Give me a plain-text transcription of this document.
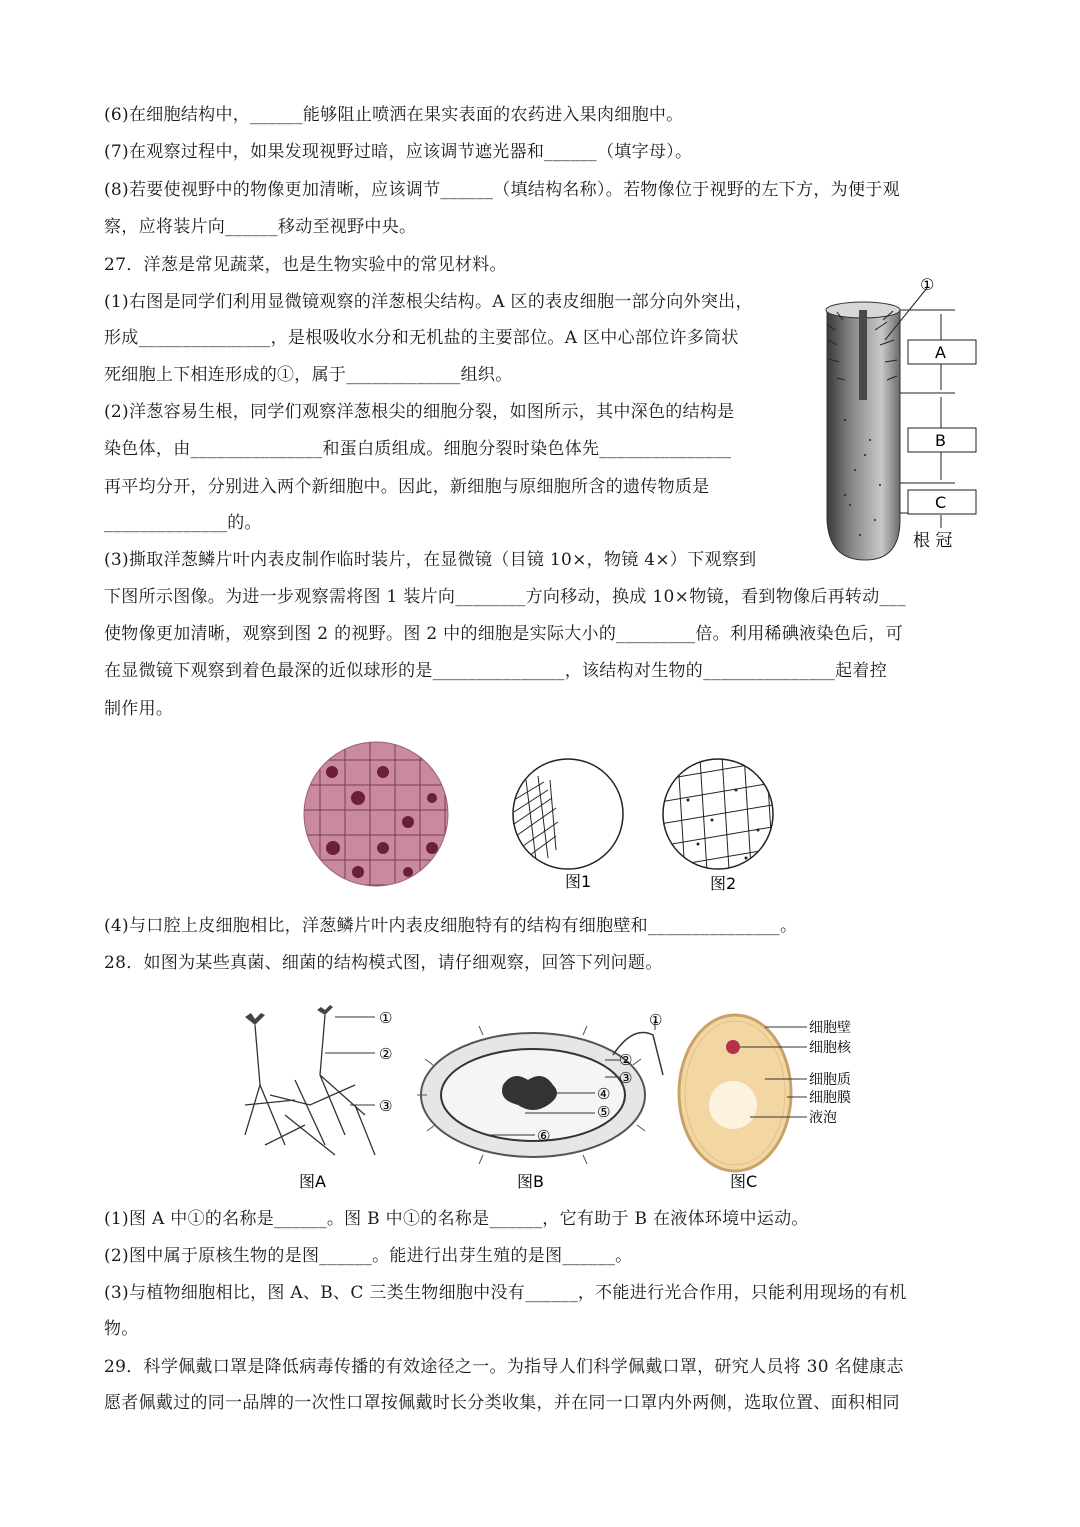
(6)在细胞结构中，______能够阻止喷洒在果实表面的农药进入果肉细胞中。
(7)在观察过程中，如果发现视野过暗，应该调节遮光器和______（填字母）。
(8)若要使视野中的物像更加清晰，应该调节______（填结构名称）。若物像位于视野的左下方，为便于观
察，应将装片向______移动至视野中央。
27．洋葱是常见蔬菜，也是生物实验中的常见材料。
(1)右图是同学们利用显微镜观察的洋葱根尖结构。A 区的表皮细胞一部分向外突出，
形成_______________，是根吸收水分和无机盐的主要部位。A 区中心部位许多筒状
死细胞上下相连形成的①，属于_____________组织。
(2)洋葱容易生根，同学们观察洋葱根尖的细胞分裂，如图所示，其中深色的结构是
染色体，由_______________和蛋白质组成。细胞分裂时染色体先_______________
再平均分开，分别进入两个新细胞中。因此，新细胞与原细胞所含的遗传物质是
______________的。
(3)撕取洋葱鳞片叶内表皮制作临时装片，在显微镜（目镜 10×，物镜 4×）下观察到
下图所示图像。为进一步观察需将图 1 装片向________方向移动，换成 10×物镜，看到物像后再转动___
使物像更加清晰，观察到图 2 的视野。图 2 中的细胞是实际大小的_________倍。利用稀碘液染色后，可
在显微镜下观察到着色最深的近似球形的是_______________，该结构对生物的_______________起着控
制作用。
①
A
B
C
根 冠
图1	图2
(4)与口腔上皮细胞相比，洋葱鳞片叶内表皮细胞特有的结构有细胞壁和_______________。
28．如图为某些真菌、细菌的结构模式图，请仔细观察，回答下列问题。
①
②
③
图A
①
②
③
④
⑤
⑥
图B
细胞壁
细胞核
细胞质
细胞膜
液泡
图C
(1)图 A 中①的名称是______。图 B 中①的名称是______，它有助于 B 在液体环境中运动。
(2)图中属于原核生物的是图______。能进行出芽生殖的是图______。
(3)与植物细胞相比，图 A、B、C 三类生物细胞中没有______，不能进行光合作用，只能利用现场的有机
物。
29．科学佩戴口罩是降低病毒传播的有效途径之一。为指导人们科学佩戴口罩，研究人员将 30 名健康志
愿者佩戴过的同一品牌的一次性口罩按佩戴时长分类收集，并在同一口罩内外两侧，选取位置、面积相同
